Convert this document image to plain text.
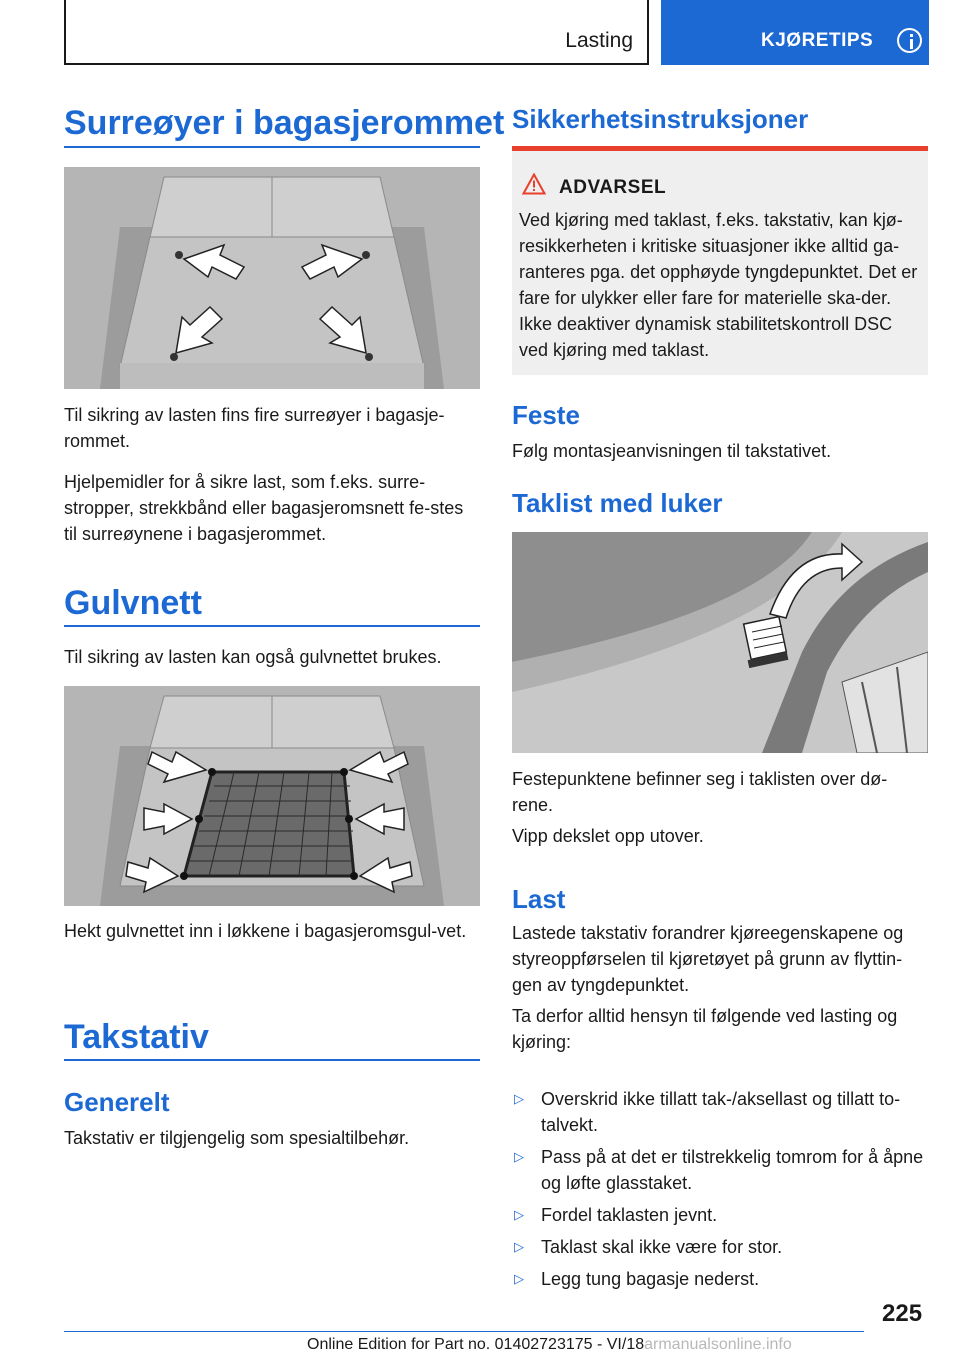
Lasting	KJØRETIPS
Surreøyer i bagasjerommet
Til sikring av lasten fins fire surreøyer i bagasje-rommet.
Hjelpemidler for å sikre last, som f.eks. surre-stropper, strekkbånd eller bagasjeromsnett fe-stes til surreøynene i bagasjerommet.
Gulvnett
Til sikring av lasten kan også gulvnettet brukes.
Hekt gulvnettet inn i løkkene i bagasjeromsgul-vet.
Takstativ
Generelt
Takstativ er tilgjengelig som spesialtilbehør.
Sikkerhetsinstruksjoner
ADVARSEL
Ved kjøring med taklast, f.eks. takstativ, kan kjø-resikkerheten i kritiske situasjoner ikke alltid ga-ranteres pga. det opphøyde tyngdepunktet. Det er fare for ulykker eller fare for materielle ska-der. Ikke deaktiver dynamisk stabilitetskontroll DSC ved kjøring med taklast.
Feste
Følg montasjeanvisningen til takstativet.
Taklist med luker
Festepunktene befinner seg i taklisten over dø-rene.
Vipp dekslet opp utover.
Last
Lastede takstativ forandrer kjøreegenskapene og styreoppførselen til kjøretøyet på grunn av flyttin-gen av tyngdepunktet.
Ta derfor alltid hensyn til følgende ved lasting og kjøring:
▷ Overskrid ikke tillatt tak-/aksellast og tillatt to-talvekt.
▷ Pass på at det er tilstrekkelig tomrom for å åpne og løfte glasstaket.
▷ Fordel taklasten jevnt.
▷ Taklast skal ikke være for stor.
▷ Legg tung bagasje nederst.
225
Online Edition for Part no. 01402723175 - VI/18armanualsonline.info
